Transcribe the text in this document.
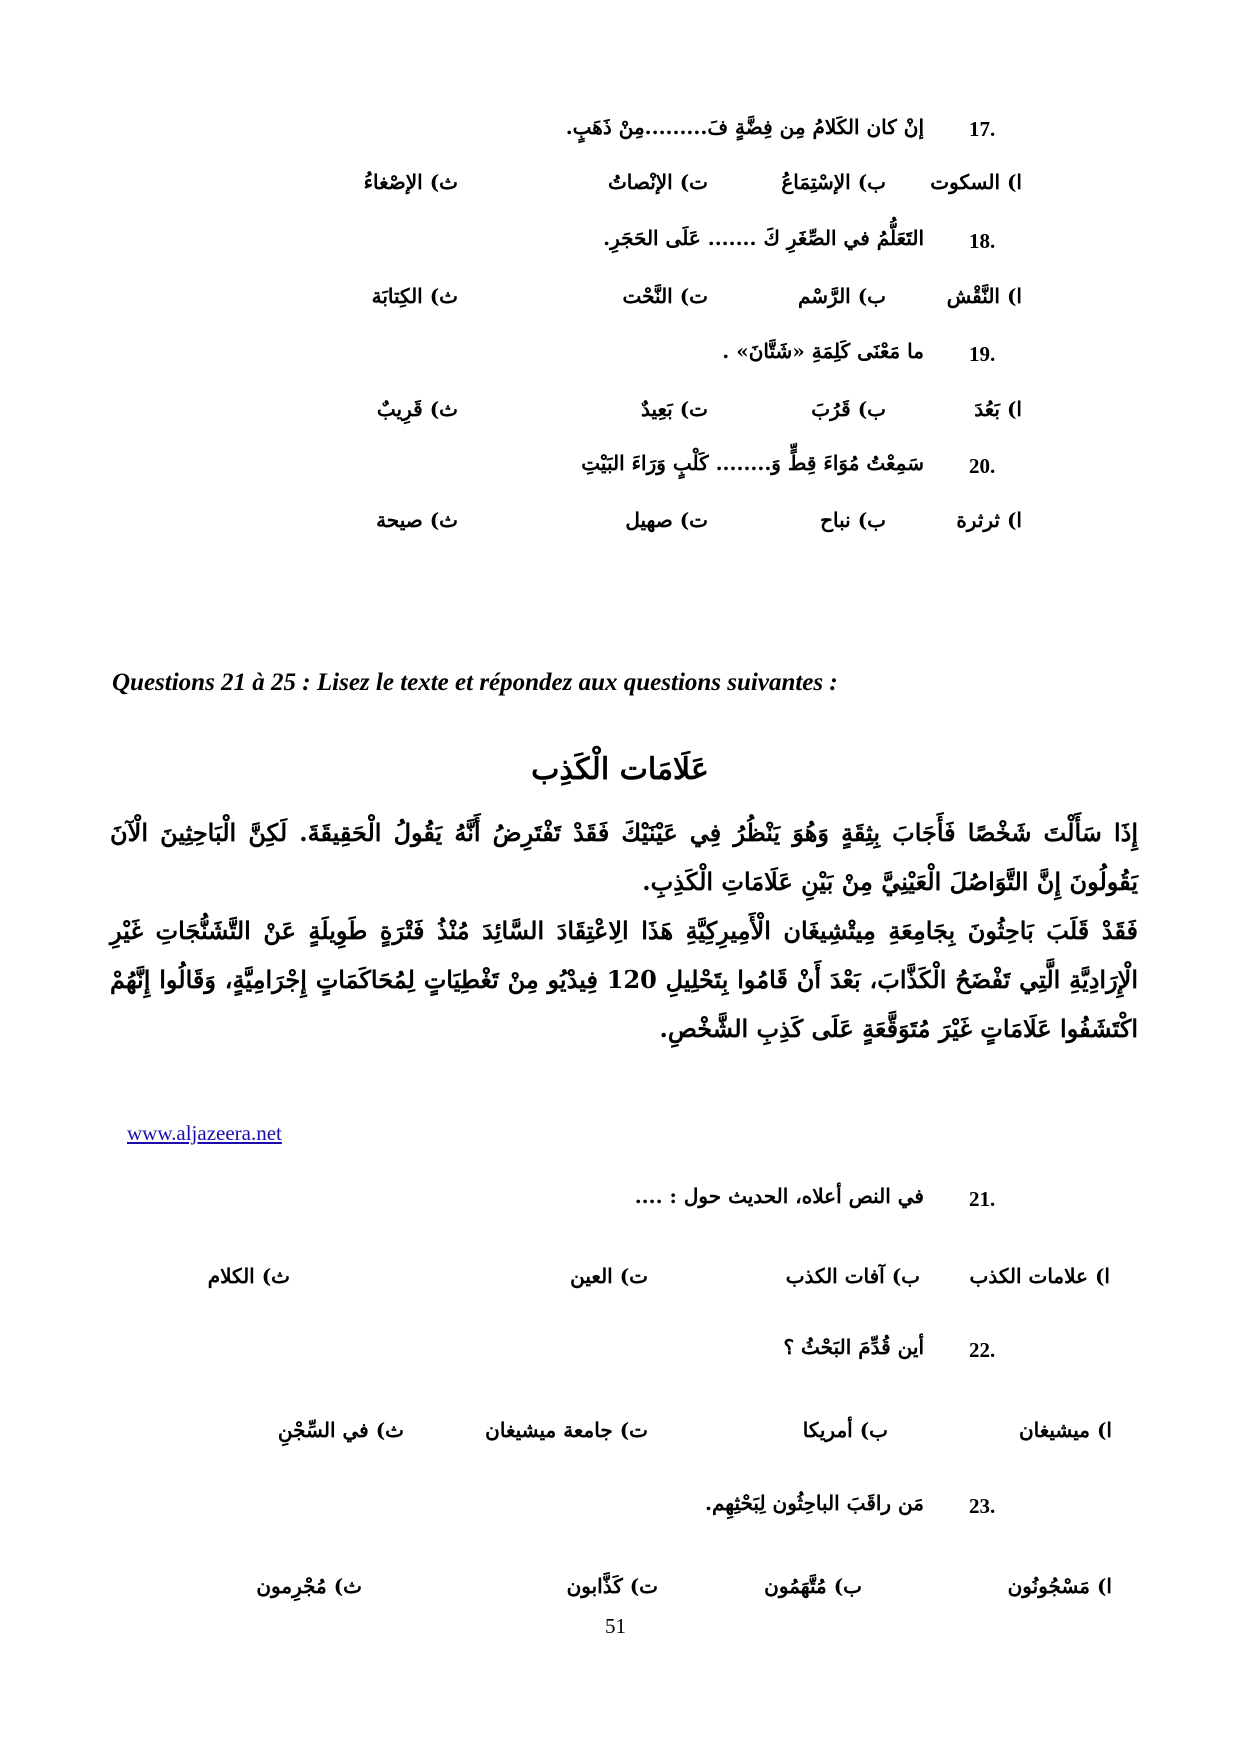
17.
إنْ كان الكَلامُ مِن فِضَّةٍ فَ.........مِنْ ذَهَبٍ.
ا) السكوت
ب) الإسْتِمَاعُ
ت) الإنْصاتُ
ث) الإصْغاءُ
18.
التَعَلُّمُ في الصِّغَرِ كَ ....... عَلَى الحَجَرِ.
ا) النَّقْش
ب) الرَّسْم
ت) النَّحْت
ث) الكِتابَة
19.
ما مَعْنَى كَلِمَةِ «شَتَّانَ» .
ا) بَعُدَ
ب) قَرُبَ
ت) بَعِيدٌ
ث) قَرِيبٌ
20.
سَمِعْتُ مُوَاءَ قِطٍّ وَ........ كَلْبٍ وَرَاءَ البَيْتِ
ا) ثرثرة
ب) نباح
ت) صهيل
ث) صيحة
Questions 21 à 25 : Lisez le texte et répondez aux questions suivantes :
عَلَامَات الْكَذِب
إِذَا سَأَلْتَ شَخْصًا فَأَجَابَ بِثِقَةٍ وَهُوَ يَنْظُرُ فِي عَيْنَيْكَ فَقَدْ تَفْتَرِضُ أَنَّهُ يَقُولُ الْحَقِيقَةَ. لَكِنَّ الْبَاحِثِينَ الْآنَ يَقُولُونَ إِنَّ التَّوَاصُلَ الْعَيْنِيَّ مِنْ بَيْنِ عَلَامَاتِ الْكَذِبِ.
فَقَدْ قَلَبَ بَاحِثُونَ بِجَامِعَةِ مِيتْشِيغَان الْأَمِيرِكِيَّةِ هَذَا الِاعْتِقَادَ السَّائِدَ مُنْذُ فَتْرَةٍ طَوِيلَةٍ عَنْ التَّشَنُّجَاتِ غَيْرِ الْإِرَادِيَّةِ الَّتِي تَفْضَحُ الْكَذَّابَ، بَعْدَ أَنْ قَامُوا بِتَحْلِيلِ 120 فِيدْيُو مِنْ تَغْطِيَاتٍ لِمُحَاكَمَاتٍ إِجْرَامِيَّةٍ، وَقَالُوا إِنَّهُمْ اكْتَشَفُوا عَلَامَاتٍ غَيْرَ مُتَوَقَّعَةٍ عَلَى كَذِبِ الشَّخْصِ.
www.aljazeera.net
21.
في النص أعلاه، الحديث حول : ....
ا) علامات الكذب
ب) آفات الكذب
ت) العين
ث) الكلام
22.
أين قُدِّمَ البَحْثُ ؟
ا) ميشيغان
ب) أمريكا
ت) جامعة ميشيغان
ث) في السِّجْنِ
23.
مَن راقَبَ الباحِثُون لِبَحْثِهِم.
ا) مَسْجُونُون
ب) مُتَّهَمُون
ت) كَذَّابون
ث) مُجْرِمون
51
